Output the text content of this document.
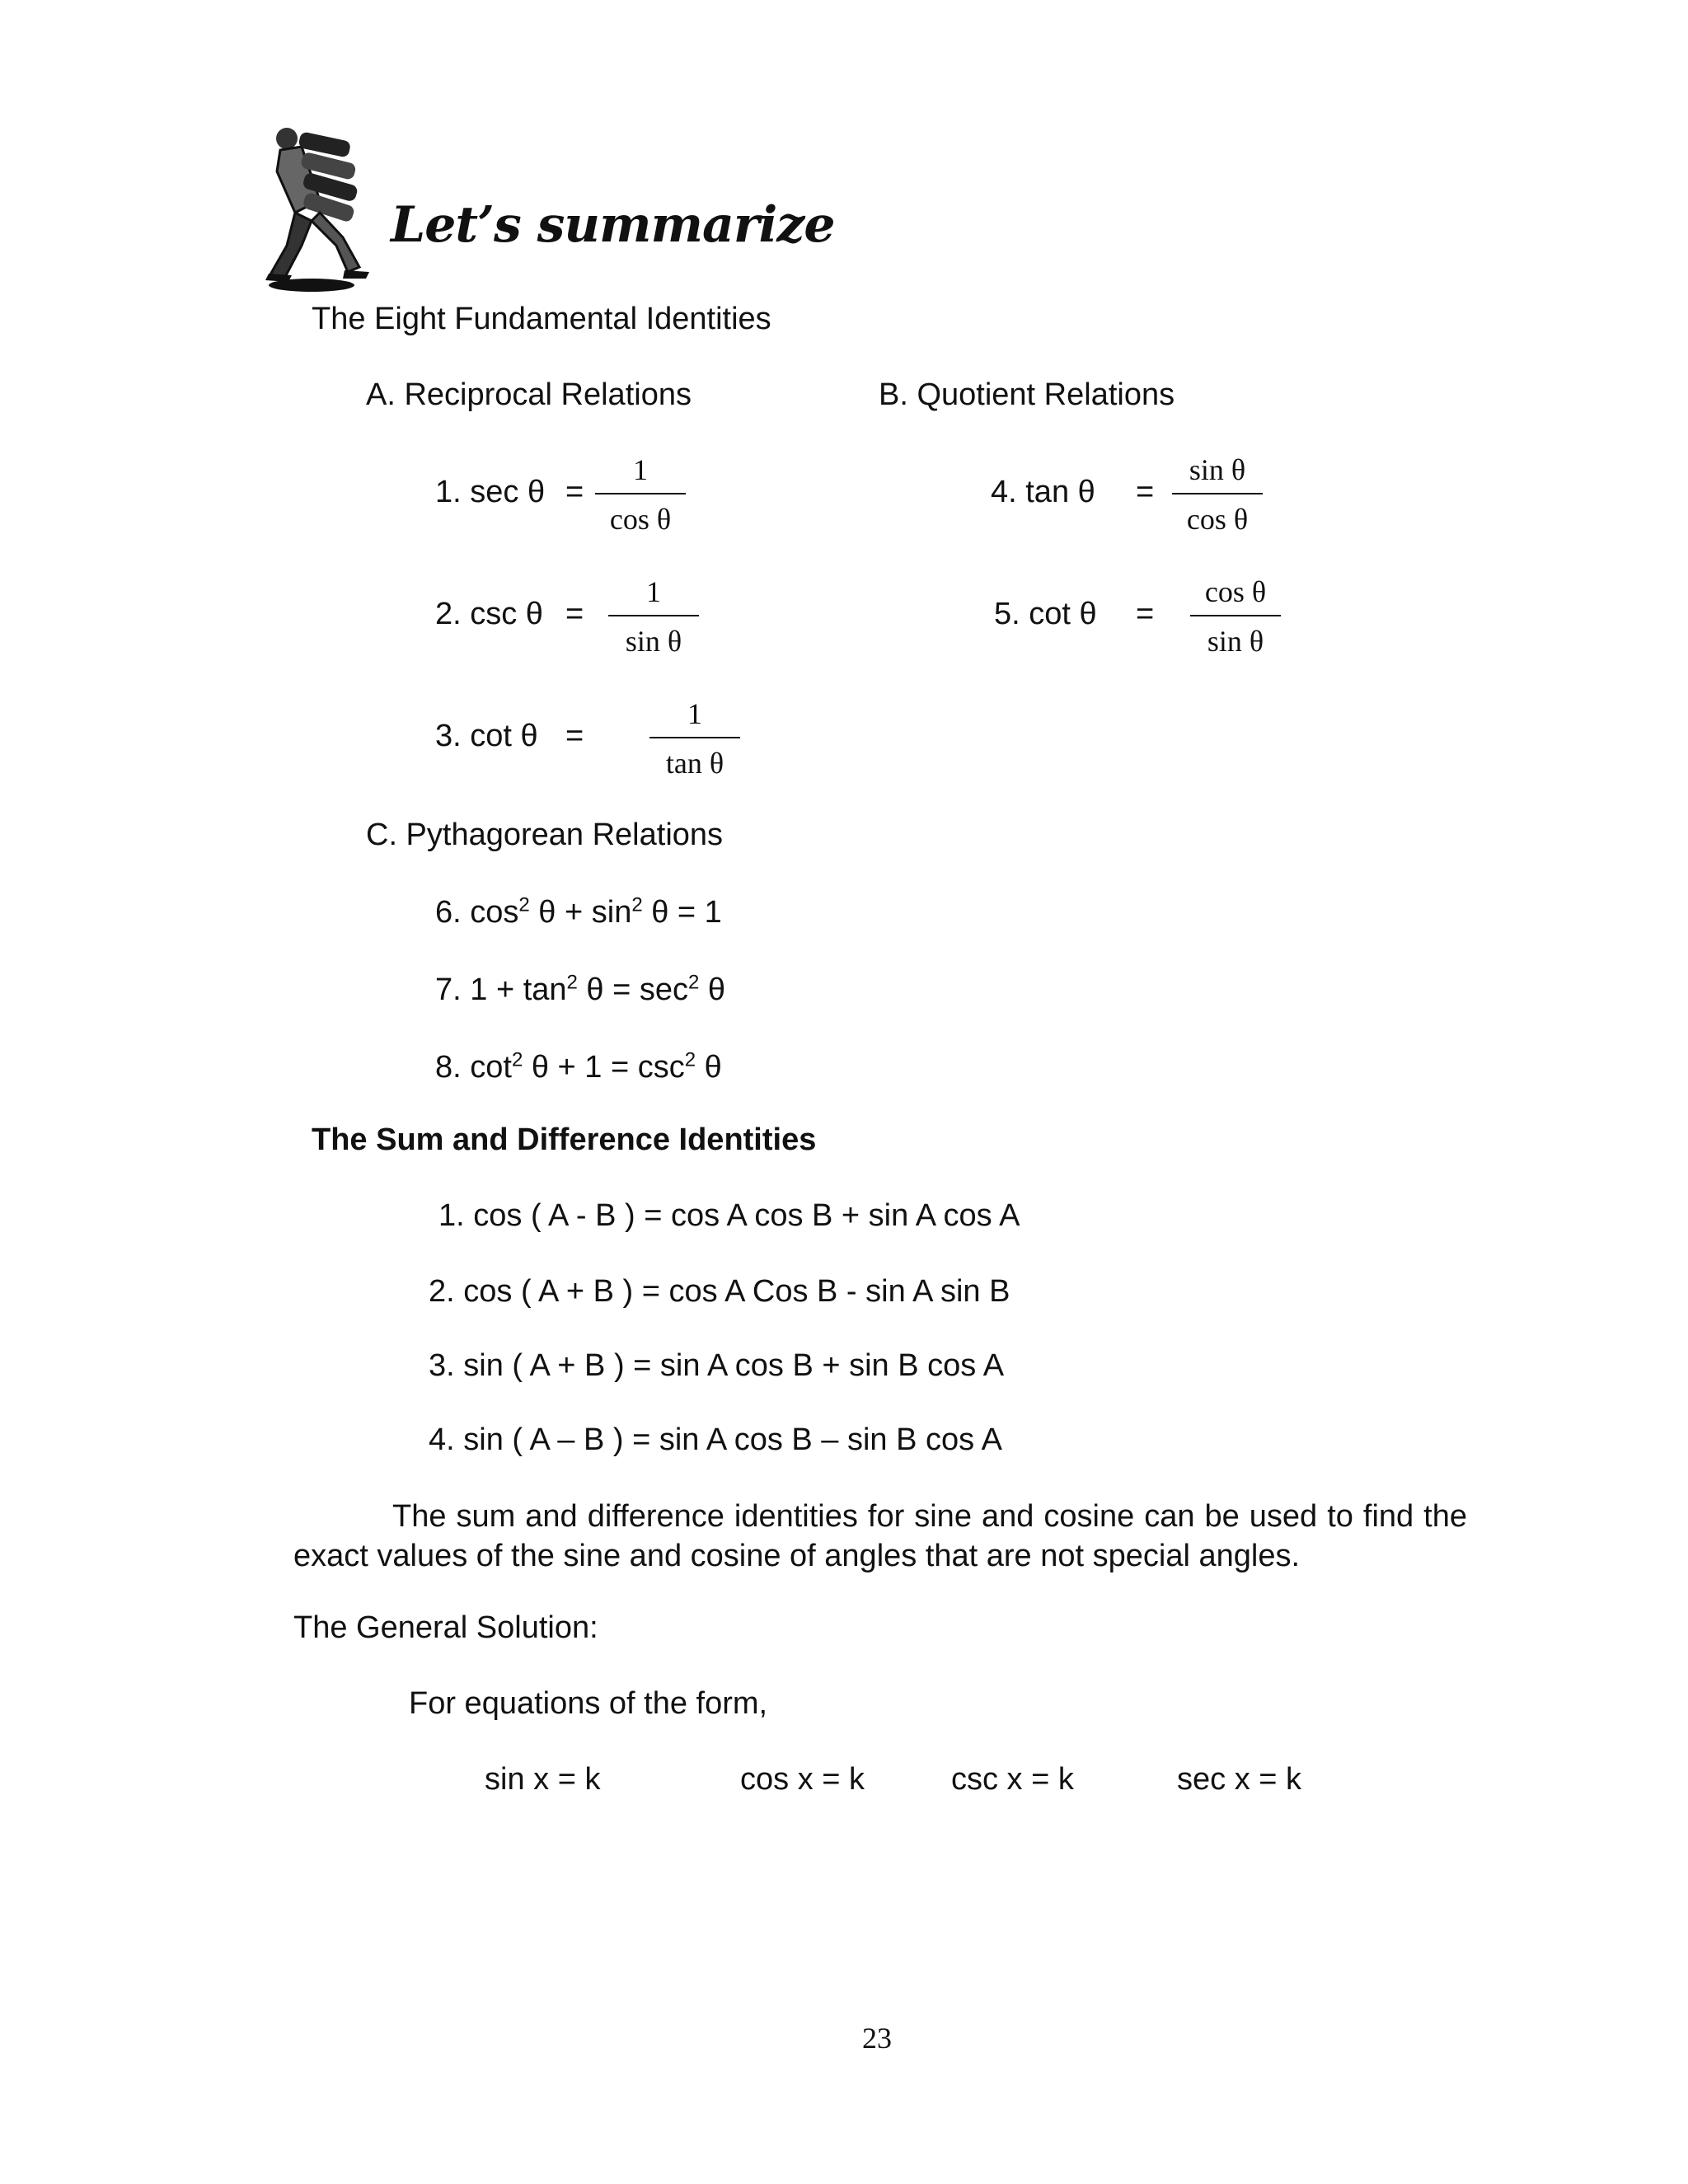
Let’s summarize
The Eight Fundamental Identities
A. Reciprocal Relations
1. sec θ =
1
cos θ
2. csc θ =
1
sin θ
3. cot θ =
1
tan θ
B. Quotient Relations
4. tan θ =
sin θ
cos θ
5. cot θ =
cos θ
sin θ
C. Pythagorean Relations
6. $\cos^2 \theta + \sin^2 \theta = 1$
7. $1 + \tan^2 \theta = \sec^2 \theta$
8. $\cot^2 \theta + 1 = \csc^2 \theta$
The Sum and Difference Identities
1. cos ( A - B ) = cos A cos B + sin A cos A
2. cos ( A + B ) = cos A Cos B - sin A sin B
3. sin ( A + B ) = sin A cos B + sin B cos A
4. sin ( A – B ) = sin A cos B – sin B cos A
The sum and difference identities for sine and cosine can be used to find the exact values of the sine and cosine of angles that are not special angles.
The General Solution:
For equations of the form,
sin x = k	cos x = k	csc x = k	sec x = k
23
